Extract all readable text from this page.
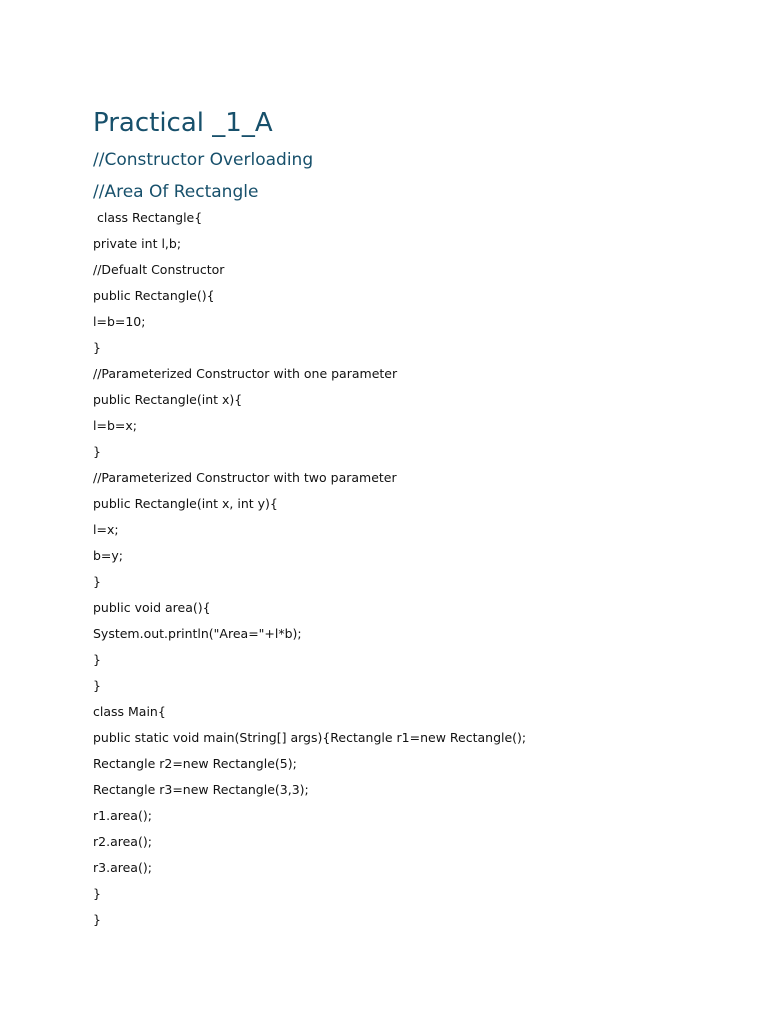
Practical _1_A
//Constructor Overloading
//Area Of Rectangle
class Rectangle{
private int l,b;
//Defualt Constructor
public Rectangle(){
l=b=10;
}
//Parameterized Constructor with one parameter
public Rectangle(int x){
l=b=x;
}
//Parameterized Constructor with two parameter
public Rectangle(int x, int y){
l=x;
b=y;
}
public void area(){
System.out.println("Area="+l*b);
}
}
class Main{
public static void main(String[] args){Rectangle r1=new Rectangle();
Rectangle r2=new Rectangle(5);
Rectangle r3=new Rectangle(3,3);
r1.area();
r2.area();
r3.area();
}
}
